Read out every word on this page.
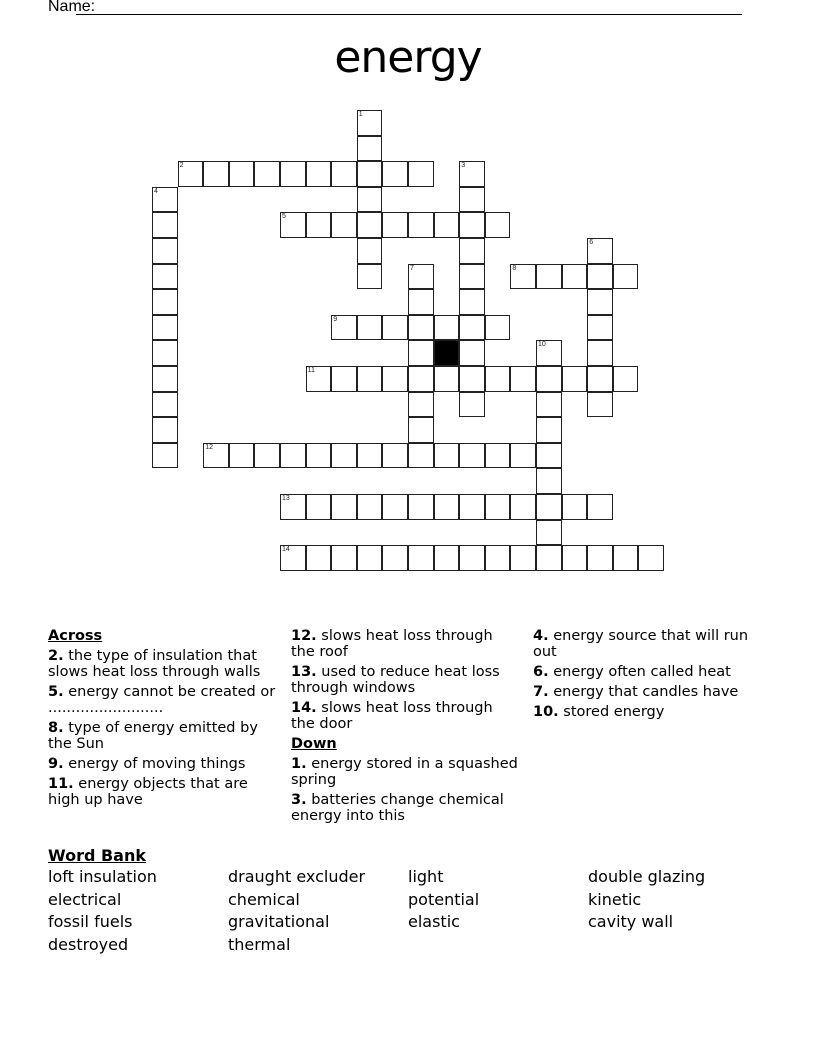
Name:
energy
1
2	3
4
5
6
7	8
9
10
11
12
13
14
Across
2. the type of insulation that slows heat loss through walls
5. energy cannot be created or .........................
8. type of energy emitted by the Sun
9. energy of moving things
11. energy objects that are high up have
12. slows heat loss through the roof
13. used to reduce heat loss through windows
14. slows heat loss through the door
Down
1. energy stored in a squashed spring
3. batteries change chemical energy into this
4. energy source that will run out
6. energy often called heat
7. energy that candles have
10. stored energy
Word Bank
loft insulation	draught excluder	light	double glazing
electrical	chemical	potential	kinetic
fossil fuels	gravitational	elastic	cavity wall
destroyed	thermal
